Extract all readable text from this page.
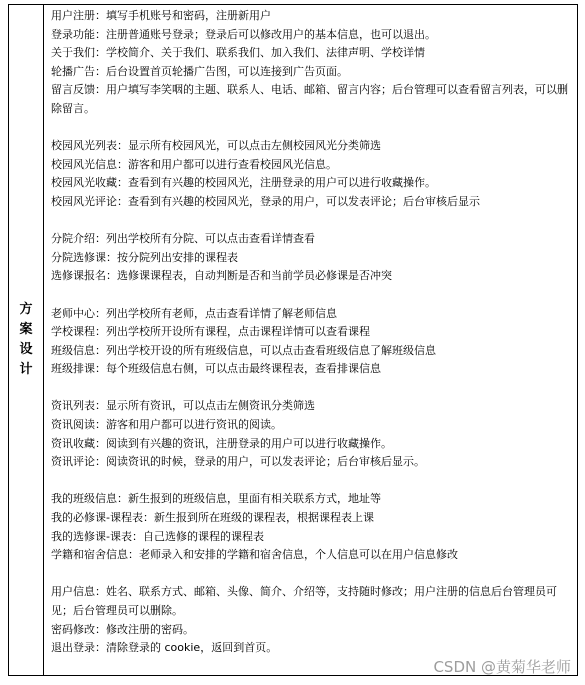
方案设计

用户注册：填写手机账号和密码，注册新用户

登录功能：注册普通账号登录；登录后可以修改用户的基本信息，也可以退出。

关于我们：学校简介、关于我们、联系我们、加入我们、法律声明、学校详情

轮播广告：后台设置首页轮播广告图，可以连接到广告页面。

留言反馈：用户填写李笑咽的主题、联系人、电话、邮箱、留言内容；后台管理可以查看留言列表，可以删除留言。

校园风光列表：显示所有校园风光，可以点击左侧校园风光分类筛选

校园风光信息：游客和用户都可以进行查看校园风光信息。

校园风光收藏：查看到有兴趣的校园风光，注册登录的用户可以进行收藏操作。

校园风光评论：查看到有兴趣的校园风光，登录的用户，可以发表评论；后台审核后显示

分院介绍：列出学校所有分院、可以点击查看详情查看

分院选修课：按分院列出安排的课程表

选修课报名：选修课课程表，自动判断是否和当前学员必修课是否冲突

老师中心：列出学校所有老师，点击查看详情了解老师信息

学校课程：列出学校所开设所有课程，点击课程详情可以查看课程

班级信息：列出学校开设的所有班级信息，可以点击查看班级信息了解班级信息

班级排课：每个班级信息右侧，可以点击最终课程表，查看排课信息

资讯列表：显示所有资讯，可以点击左侧资讯分类筛选

资讯阅读：游客和用户都可以进行资讯的阅读。

资讯收藏：阅读到有兴趣的资讯，注册登录的用户可以进行收藏操作。

资讯评论：阅读资讯的时候，登录的用户，可以发表评论；后台审核后显示。

我的班级信息：新生报到的班级信息，里面有相关联系方式，地址等

我的必修课-课程表：新生报到所在班级的课程表，根据课程表上课

我的选修课-课表：自己选修的课程的课程表

学籍和宿舍信息：老师录入和安排的学籍和宿舍信息，个人信息可以在用户信息修改

用户信息：姓名、联系方式、邮箱、头像、简介、介绍等，支持随时修改；用户注册的信息后台管理员可见；后台管理员可以删除。

密码修改：修改注册的密码。

退出登录：清除登录的 cookie，返回到首页。

CSDN @黄菊华老师
